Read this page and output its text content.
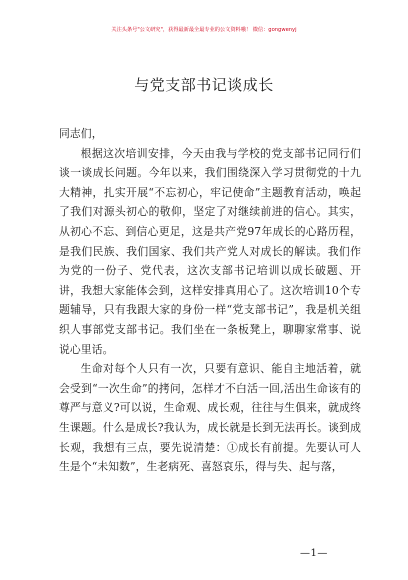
关注头条号"公文研究"，获得最新最全最专业的公文资料哦！ 微信：gongwenyj
与党支部书记谈成长

同志们，

根据这次培训安排，今天由我与学校的党支部书记同行们谈一谈成长问题。今年以来，我们围绕深入学习贯彻党的十九大精神，扎实开展“不忘初心，牢记使命”主题教育活动，唤起了我们对源头初心的敬仰，坚定了对继续前进的信心。其实，从初心不忘、到信心更足，这是共产党97年成长的心路历程，是我们民族、我们国家、我们共产党人对成长的解读。我们作为党的一份子、党代表，这次支部书记培训以成长破题、开讲，我想大家能体会到，这样安排真用心了。这次培训10个专题辅导，只有我跟大家的身份一样“党支部书记”，我是机关组织人事部党支部书记。我们坐在一条板凳上，聊聊家常事、说说心里话。

生命对每个人只有一次，只要有意识、能自主地活着，就会受到“一次生命”的拷问，怎样才不白活一回,活出生命该有的尊严与意义?可以说，生命观、成长观，往往与生俱来，就成终生课题。什么是成长?我认为，成长就是长到无法再长。谈到成长观，我想有三点，要先说清楚：①成长有前提。先要认可人生是个“未知数”，生老病死、喜怒哀乐，得与失、起与落，

—1—
